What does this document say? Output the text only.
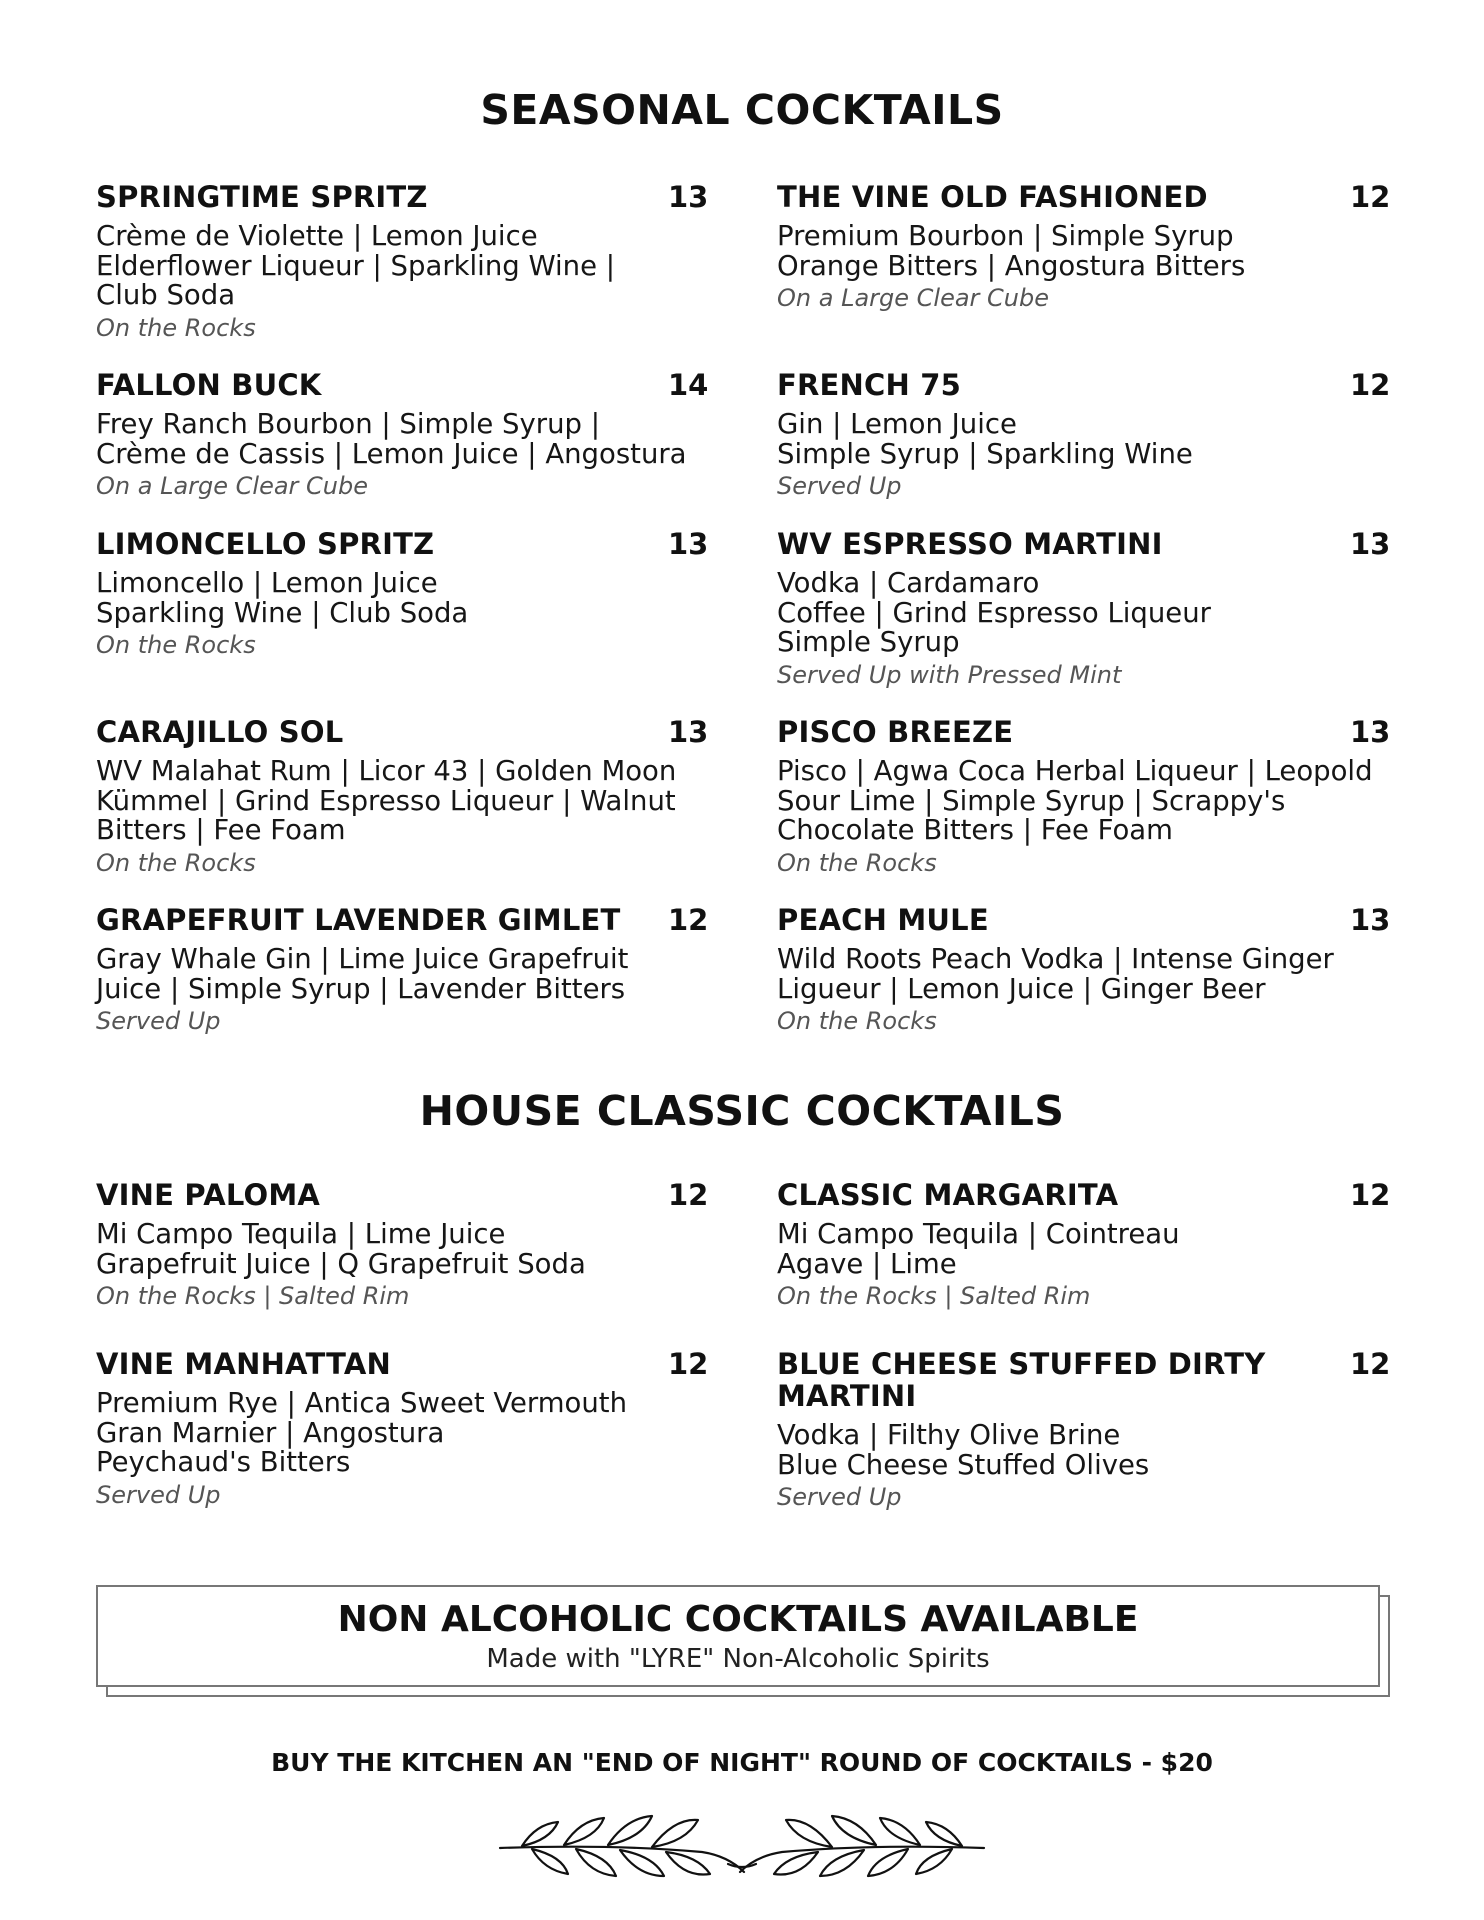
SEASONAL COCKTAILS
SPRINGTIME SPRITZ	13
Crème de Violette | Lemon Juice
Elderflower Liqueur | Sparkling Wine |
Club Soda
On the Rocks
FALLON BUCK	14
Frey Ranch Bourbon | Simple Syrup |
Crème de Cassis | Lemon Juice | Angostura
On a Large Clear Cube
LIMONCELLO SPRITZ	13
Limoncello | Lemon Juice
Sparkling Wine | Club Soda
On the Rocks
CARAJILLO SOL	13
WV Malahat Rum | Licor 43 | Golden Moon
Kümmel | Grind Espresso Liqueur | Walnut
Bitters | Fee Foam
On the Rocks
GRAPEFRUIT LAVENDER GIMLET 12
Gray Whale Gin | Lime Juice Grapefruit
Juice | Simple Syrup | Lavender Bitters
Served Up
THE VINE OLD FASHIONED	12
Premium Bourbon | Simple Syrup
Orange Bitters | Angostura Bitters
On a Large Clear Cube
FRENCH 75	12
Gin | Lemon Juice
Simple Syrup | Sparkling Wine
Served Up
WV ESPRESSO MARTINI	13
Vodka | Cardamaro
Coffee | Grind Espresso Liqueur
Simple Syrup
Served Up with Pressed Mint
PISCO BREEZE	13
Pisco | Agwa Coca Herbal Liqueur | Leopold
Sour Lime | Simple Syrup | Scrappy's
Chocolate Bitters | Fee Foam
On the Rocks
PEACH MULE	13
Wild Roots Peach Vodka | Intense Ginger
Ligueur | Lemon Juice | Ginger Beer
On the Rocks
HOUSE CLASSIC COCKTAILS
VINE PALOMA	12
Mi Campo Tequila | Lime Juice
Grapefruit Juice | Q Grapefruit Soda
On the Rocks | Salted Rim
VINE MANHATTAN	12
Premium Rye | Antica Sweet Vermouth
Gran Marnier | Angostura
Peychaud's Bitters
Served Up
CLASSIC MARGARITA	12
Mi Campo Tequila | Cointreau
Agave | Lime
On the Rocks | Salted Rim
BLUE CHEESE STUFFED DIRTY
MARTINI
12
Vodka | Filthy Olive Brine
Blue Cheese Stuffed Olives
Served Up
NON ALCOHOLIC COCKTAILS AVAILABLE
Made with "LYRE" Non-Alcoholic Spirits
BUY THE KITCHEN AN "END OF NIGHT" ROUND OF COCKTAILS - $20
